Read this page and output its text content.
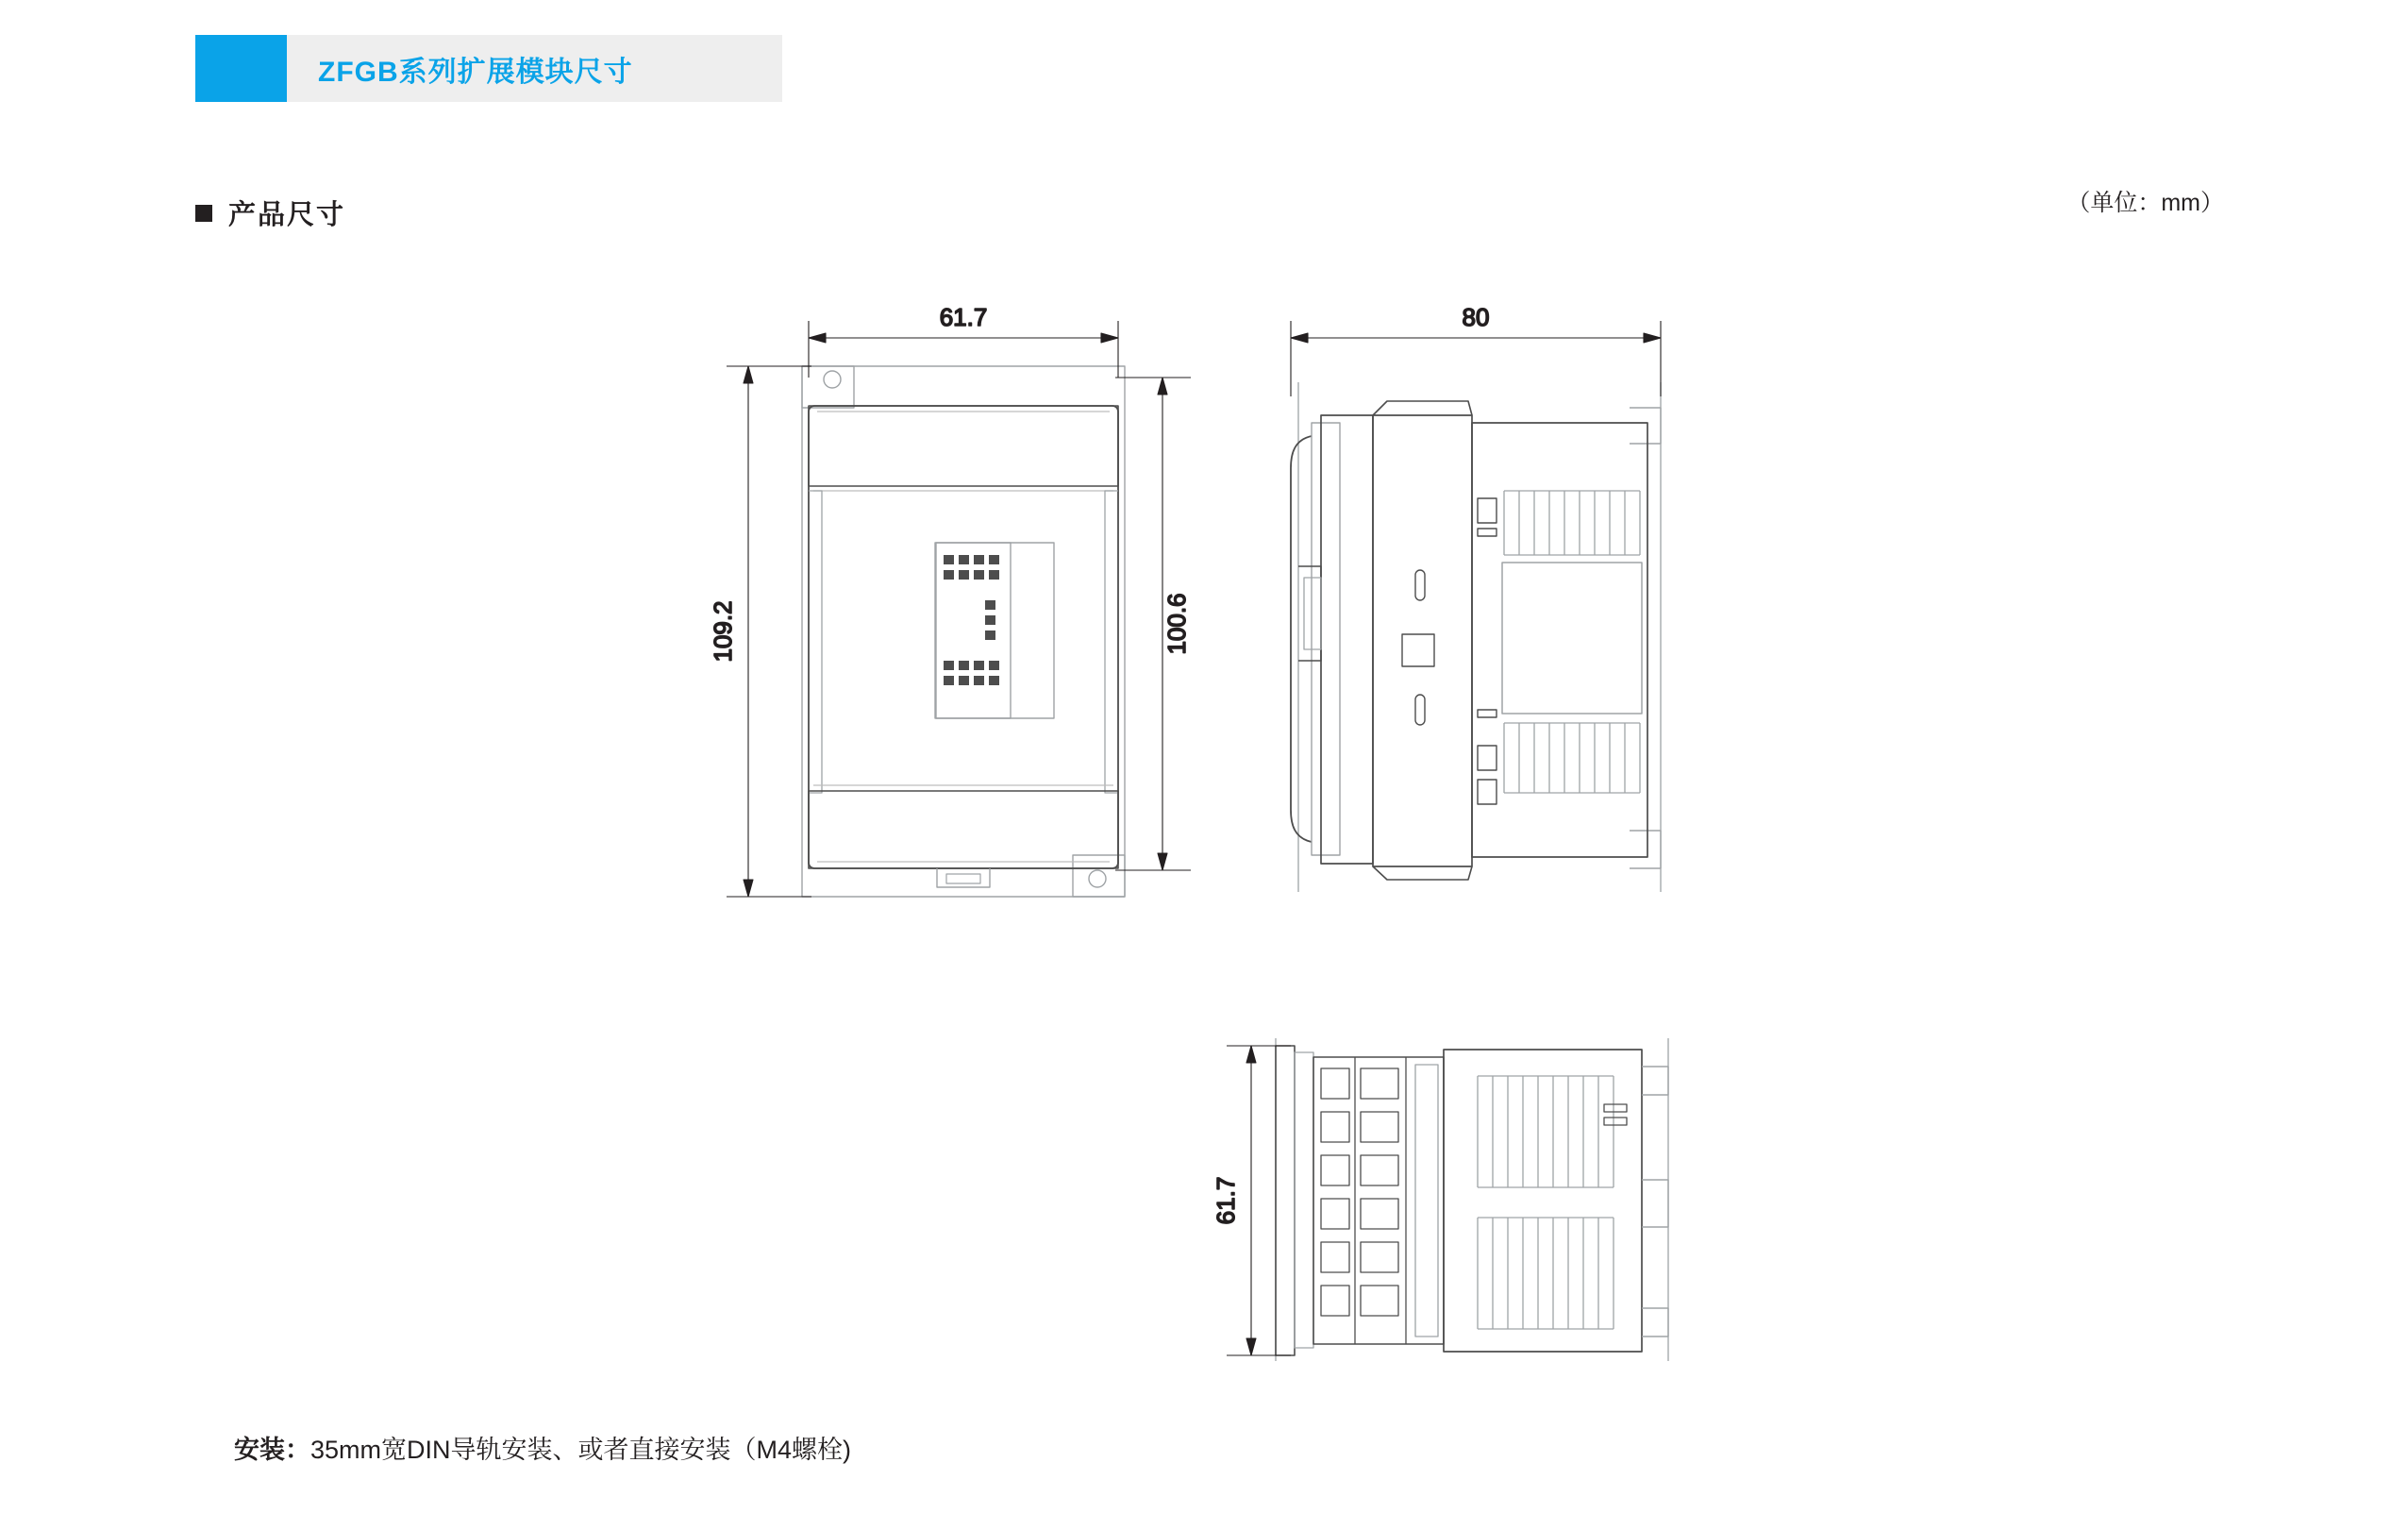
ZFGB系列扩展模块尺寸
产品尺寸	（单位：mm）
61.7
109.2	100.6
80
61.7
安装：35mm宽DIN导轨安装、或者直接安装（M4螺栓)
